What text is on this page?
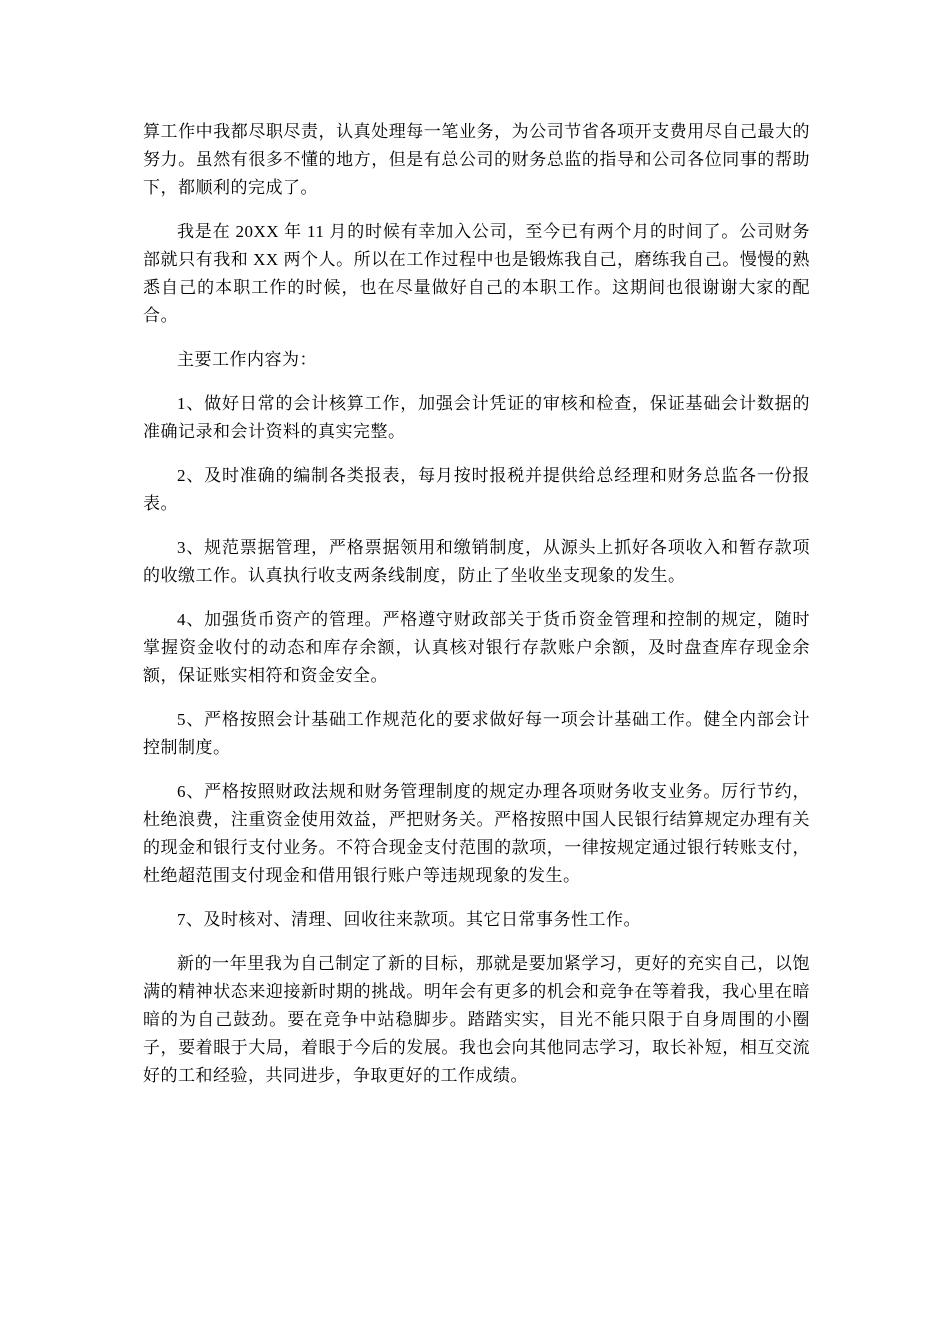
算工作中我都尽职尽责，认真处理每一笔业务，为公司节省各项开支费用尽自己最大的努力。虽然有很多不懂的地方，但是有总公司的财务总监的指导和公司各位同事的帮助下，都顺利的完成了。

我是在 20XX 年 11 月的时候有幸加入公司，至今已有两个月的时间了。公司财务部就只有我和 XX 两个人。所以在工作过程中也是锻炼我自己，磨练我自己。慢慢的熟悉自己的本职工作的时候，也在尽量做好自己的本职工作。这期间也很谢谢大家的配合。

主要工作内容为：

1、做好日常的会计核算工作，加强会计凭证的审核和检查，保证基础会计数据的准确记录和会计资料的真实完整。

2、及时准确的编制各类报表，每月按时报税并提供给总经理和财务总监各一份报表。

3、规范票据管理，严格票据领用和缴销制度，从源头上抓好各项收入和暂存款项的收缴工作。认真执行收支两条线制度，防止了坐收坐支现象的发生。

4、加强货币资产的管理。严格遵守财政部关于货币资金管理和控制的规定，随时掌握资金收付的动态和库存余额，认真核对银行存款账户余额，及时盘查库存现金余额，保证账实相符和资金安全。

5、严格按照会计基础工作规范化的要求做好每一项会计基础工作。健全内部会计控制制度。

6、严格按照财政法规和财务管理制度的规定办理各项财务收支业务。厉行节约，杜绝浪费，注重资金使用效益，严把财务关。严格按照中国人民银行结算规定办理有关的现金和银行支付业务。不符合现金支付范围的款项，一律按规定通过银行转账支付，杜绝超范围支付现金和借用银行账户等违规现象的发生。

7、及时核对、清理、回收往来款项。其它日常事务性工作。

新的一年里我为自己制定了新的目标，那就是要加紧学习，更好的充实自己，以饱满的精神状态来迎接新时期的挑战。明年会有更多的机会和竞争在等着我，我心里在暗暗的为自己鼓劲。要在竞争中站稳脚步。踏踏实实，目光不能只限于自身周围的小圈子，要着眼于大局，着眼于今后的发展。我也会向其他同志学习，取长补短，相互交流好的工和经验，共同进步，争取更好的工作成绩。
